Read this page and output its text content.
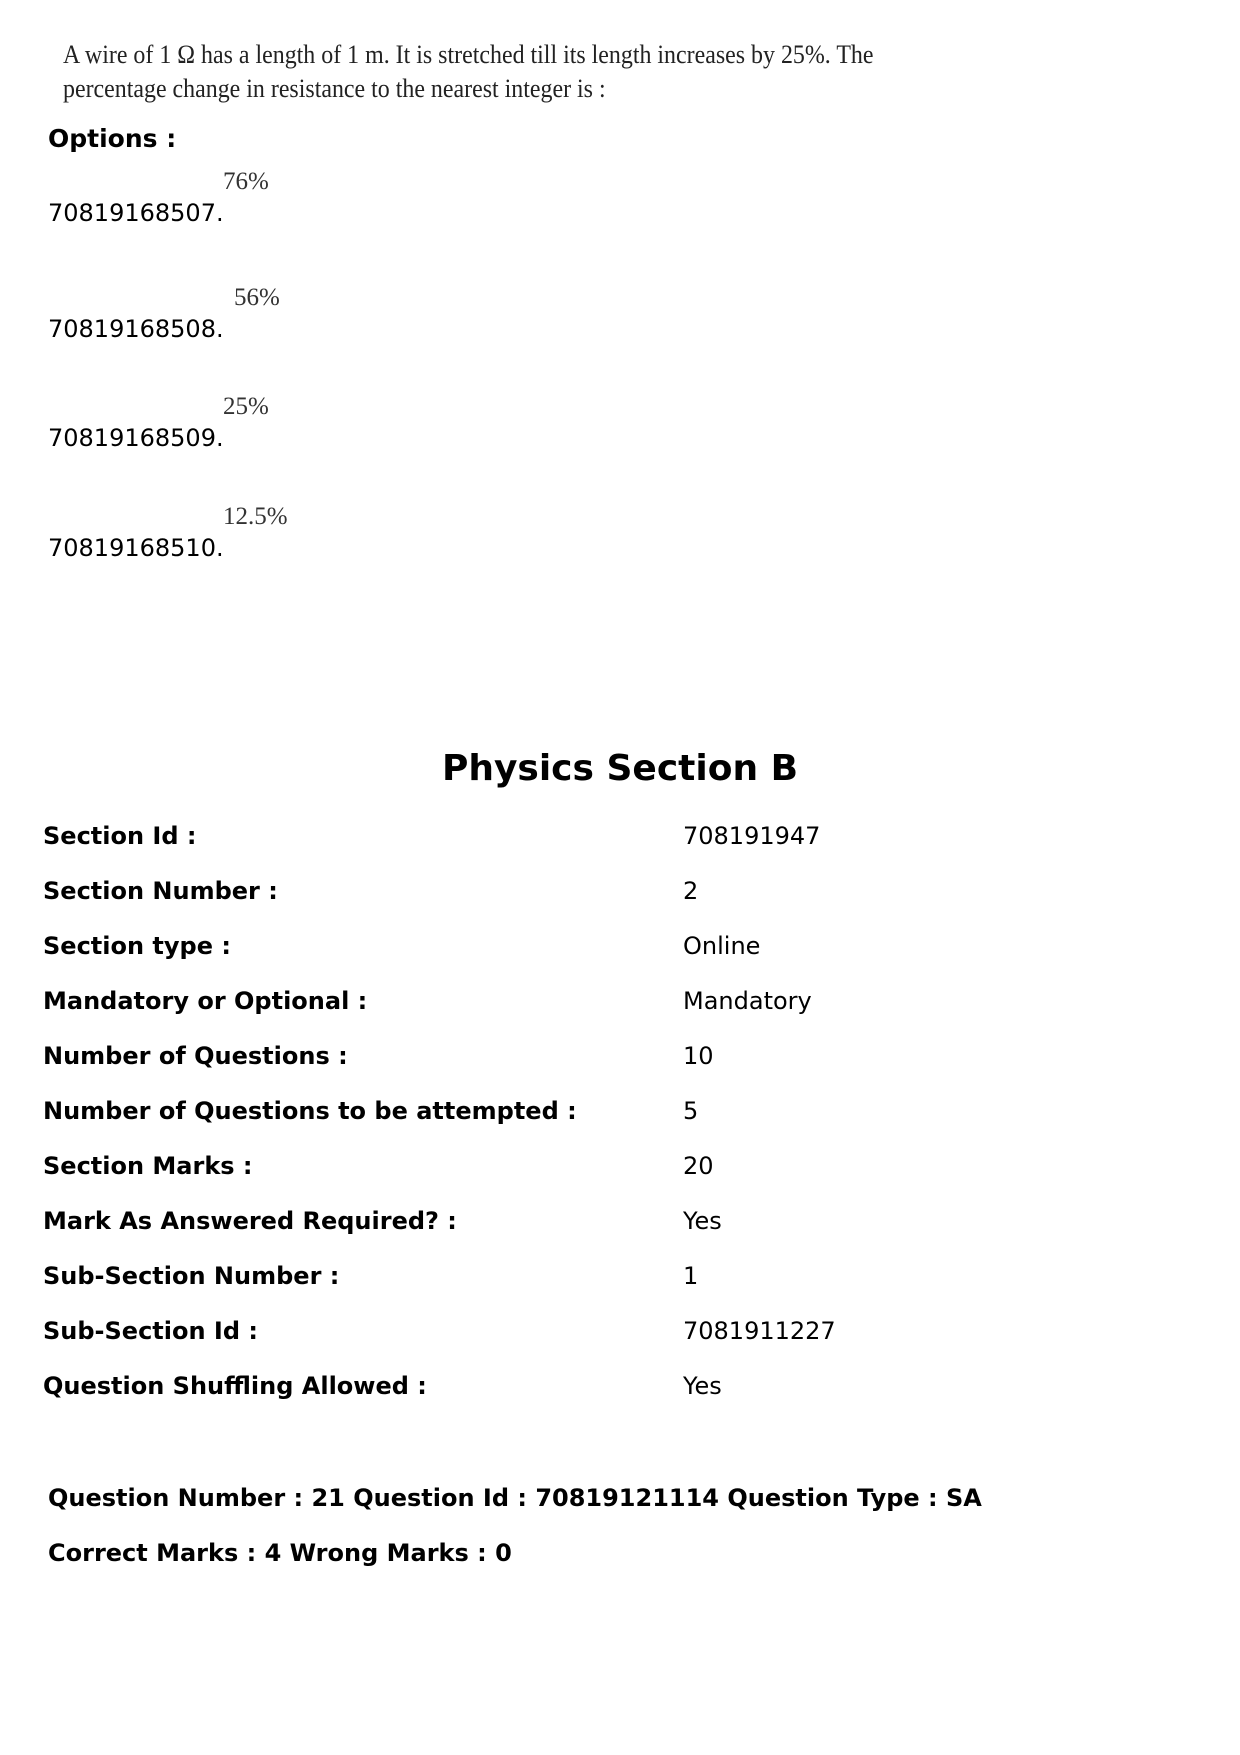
A wire of 1 Ω has a length of 1 m. It is stretched till its length increases by 25%. The
percentage change in resistance to the nearest integer is :
Options :
70819168507.
76%
70819168508.
56%
70819168509.
25%
70819168510.
12.5%
Physics Section B
Section Id :	708191947
Section Number :	2
Section type :	Online
Mandatory or Optional :	Mandatory
Number of Questions :	10
Number of Questions to be attempted :	5
Section Marks :	20
Mark As Answered Required? :	Yes
Sub-Section Number :	1
Sub-Section Id :	7081911227
Question Shuffling Allowed :	Yes
Question Number : 21 Question Id : 70819121114 Question Type : SA
Correct Marks : 4 Wrong Marks : 0
